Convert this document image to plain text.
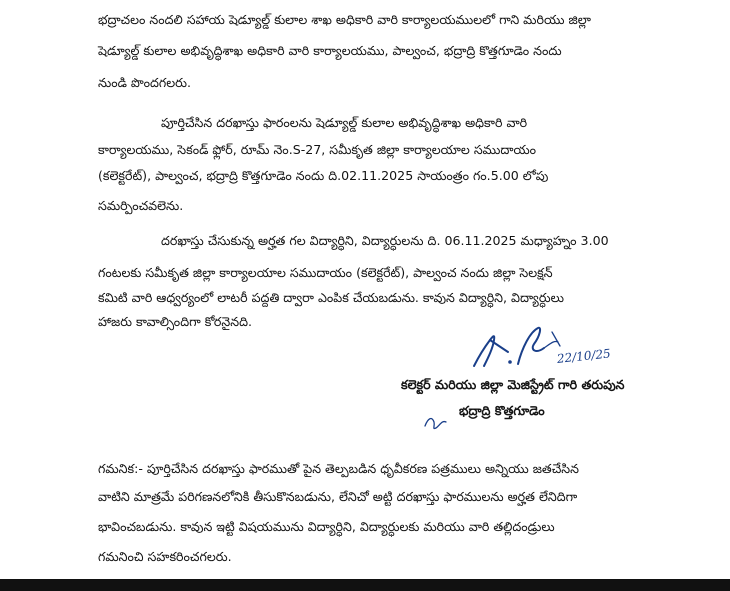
భద్రాచలం నందలి సహాయ షెడ్యూల్డ్ కులాల శాఖ అధికారి వారి కార్యాలయములలో గాని మరియు జిల్లా
షెడ్యూల్డ్ కులాల అభివృద్ధిశాఖ అధికారి వారి కార్యాలయము, పాల్వంచ, భద్రాద్రి కొత్తగూడెం నందు
నుండి పొందగలరు.
పూర్తిచేసిన దరఖాస్తు ఫారంలను షెడ్యూల్డ్ కులాల అభివృద్ధిశాఖ అధికారి వారి
కార్యాలయము, సెకండ్ ఫ్లోర్, రూమ్ నెం.S-27, సమీకృత జిల్లా కార్యాలయాల సముదాయం
(కలెక్టరేట్), పాల్వంచ, భద్రాద్రి కొత్తగూడెం నందు ది.02.11.2025 సాయంత్రం గం.5.00 లోపు
సమర్పించవలెను.
దరఖాస్తు చేసుకున్న అర్హత గల విద్యార్ధిని, విద్యార్ధులను ది. 06.11.2025 మధ్యాహ్నం 3.00
గంటలకు సమీకృత జిల్లా కార్యాలయాల సముదాయం (కలెక్టరేట్), పాల్వంచ నందు జిల్లా సెలక్షన్
కమిటి వారి ఆధ్వర్యంలో లాటరీ పద్దతి ద్వారా ఎంపిక చేయబడును. కావున విద్యార్ధిని, విద్యార్ధులు
హాజరు కావాల్సిందిగా కోరనైనది.
22/10/25
కలెక్టర్ మరియు జిల్లా మెజిస్ట్రేట్ గారి తరుపున
భద్రాద్రి కొత్తగూడెం
గమనిక:- పూర్తిచేసిన దరఖాస్తు ఫారముతో పైన తెల్పబడిన ధృవీకరణ పత్రములు అన్నియు జతచేసిన
వాటిని మాత్రమే పరిగణనలోనికి తీసుకొనబడును, లేనిచో అట్టి దరఖాస్తు ఫారములను అర్హత లేనిదిగా
భావించబడును. కావున ఇట్టి విషయమును విద్యార్ధిని, విద్యార్ధులకు మరియు వారి తల్లిదండ్రులు
గమనించి సహకరించగలరు.
